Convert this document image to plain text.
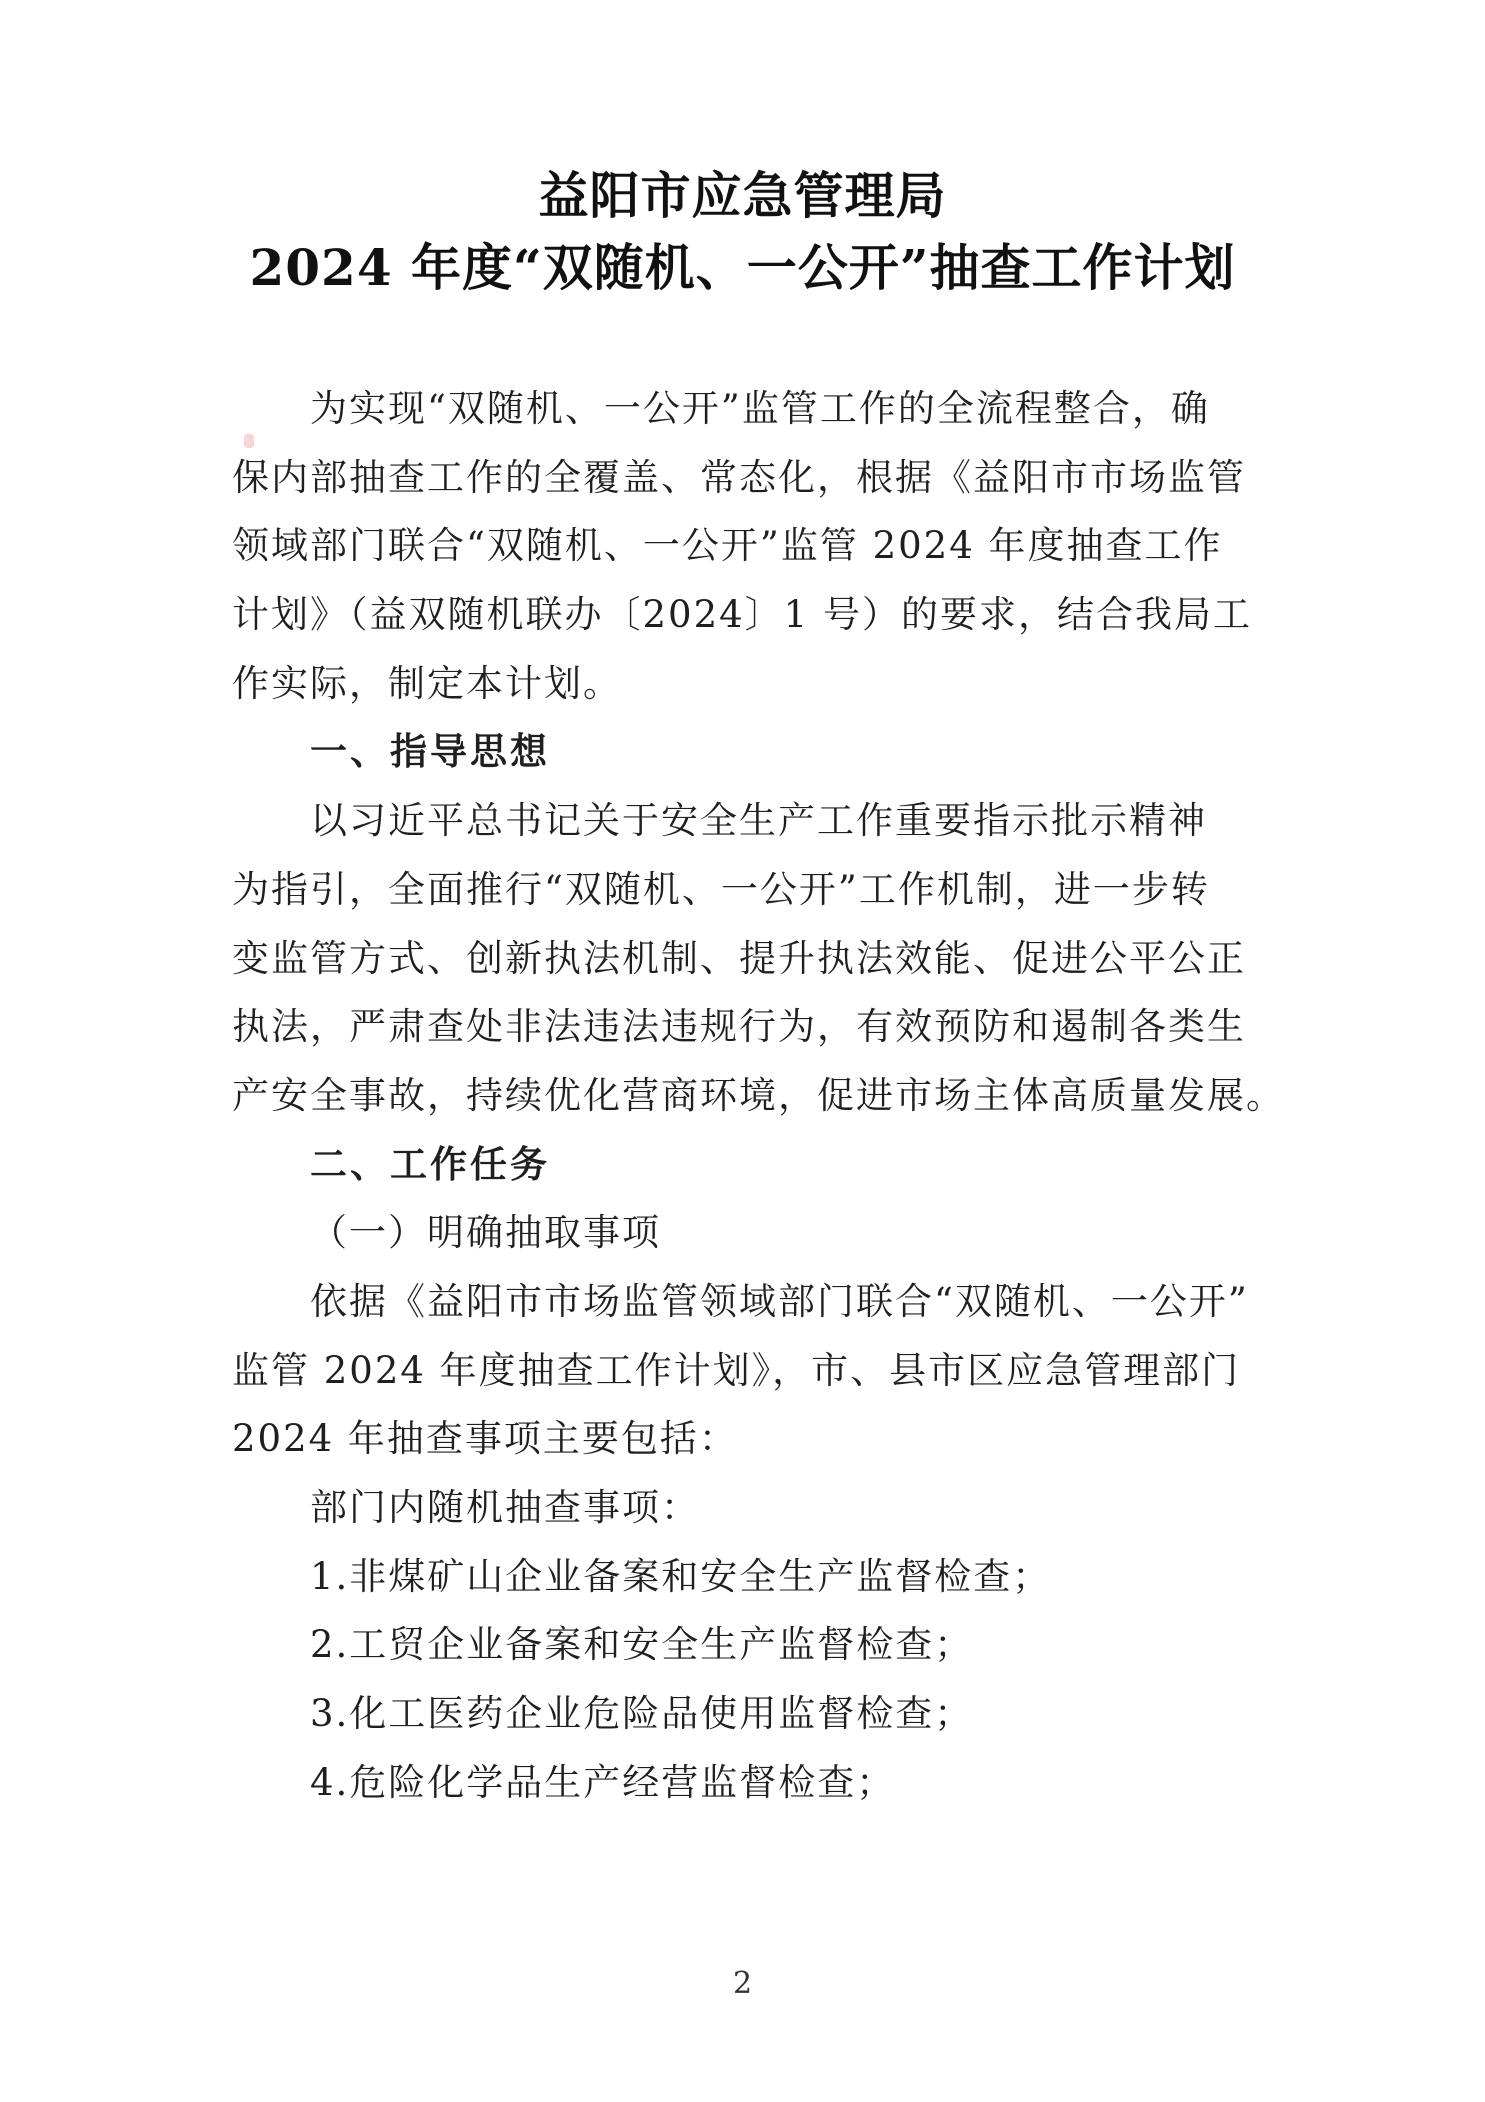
益阳市应急管理局
2024 年度“双随机、一公开”抽查工作计划
为实现“双随机、一公开”监管工作的全流程整合，确
保内部抽查工作的全覆盖、常态化，根据《益阳市市场监管
领域部门联合“双随机、一公开”监管 2024 年度抽查工作
计划》（益双随机联办〔2024〕1 号）的要求，结合我局工
作实际，制定本计划。
一、指导思想
以习近平总书记关于安全生产工作重要指示批示精神
为指引，全面推行“双随机、一公开”工作机制，进一步转
变监管方式、创新执法机制、提升执法效能、促进公平公正
执法，严肃查处非法违法违规行为，有效预防和遏制各类生
产安全事故，持续优化营商环境，促进市场主体高质量发展。
二、工作任务
（一）明确抽取事项
依据《益阳市市场监管领域部门联合“双随机、一公开”
监管 2024 年度抽查工作计划》，市、县市区应急管理部门
2024 年抽查事项主要包括：
部门内随机抽查事项：
1.非煤矿山企业备案和安全生产监督检查；
2.工贸企业备案和安全生产监督检查；
3.化工医药企业危险品使用监督检查；
4.危险化学品生产经营监督检查；
2
